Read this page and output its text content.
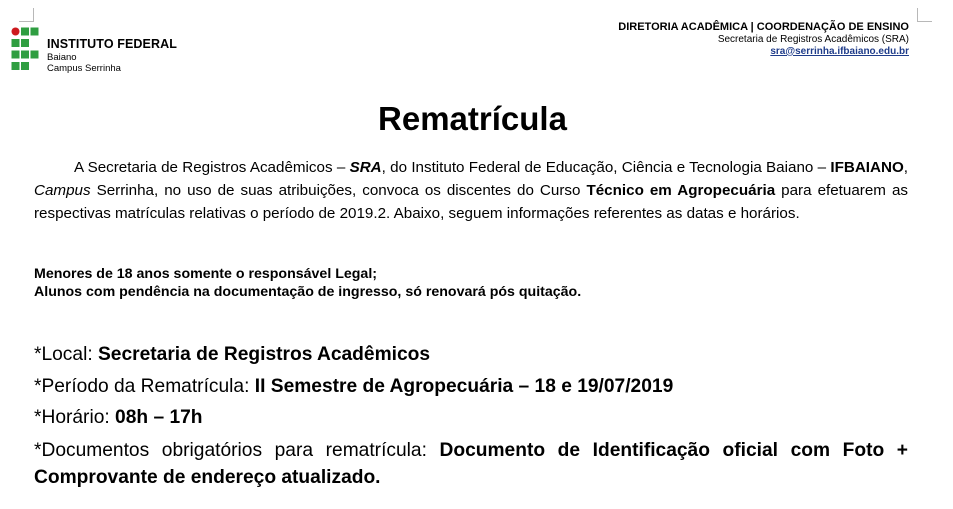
INSTITUTO FEDERAL
Baiano
Campus Serrinha
DIRETORIA ACADÊMICA | COORDENAÇÃO DE ENSINO
Secretaria de Registros Acadêmicos (SRA)
sra@serrinha.ifbaiano.edu.br
Rematrícula
A Secretaria de Registros Acadêmicos – SRA, do Instituto Federal de Educação, Ciência e Tecnologia Baiano – IFBAIANO, Campus Serrinha, no uso de suas atribuições, convoca os discentes do Curso Técnico em Agropecuária para efetuarem as respectivas matrículas relativas o período de 2019.2. Abaixo, seguem informações referentes as datas e horários.
Menores de 18 anos somente o responsável Legal;
Alunos com pendência na documentação de ingresso, só renovará pós quitação.
*Local: Secretaria de Registros Acadêmicos
*Período da Rematrícula: II Semestre de Agropecuária – 18 e 19/07/2019
*Horário: 08h – 17h
*Documentos obrigatórios para rematrícula: Documento de Identificação oficial com Foto + Comprovante de endereço atualizado.
